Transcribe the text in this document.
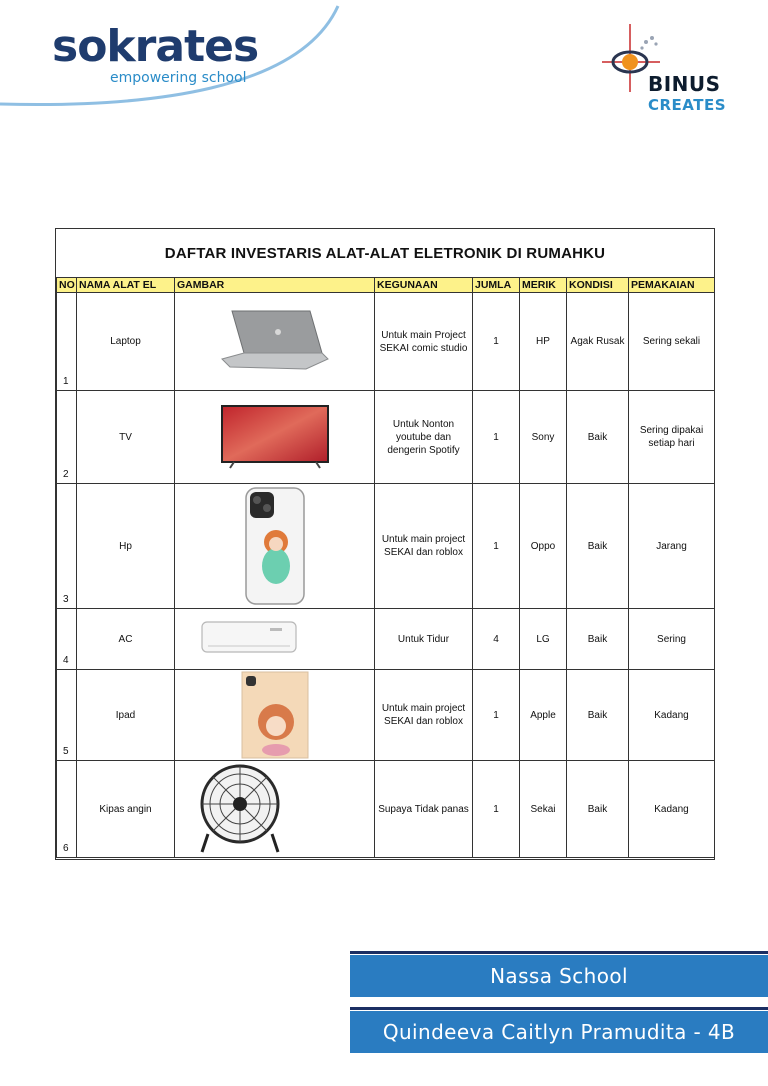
sokrates
empowering school	BINUS
CREATES
DAFTAR INVESTARIS ALAT-ALAT ELETRONIK DI RUMAHKU
NO	NAMA ALAT EL	GAMBAR	KEGUNAAN	JUMLA	MERIK	KONDISI	PEMAKAIAN
1	Laptop		Untuk main Project SEKAI comic studio	1	HP	Agak Rusak	Sering sekali
2	TV		Untuk Nonton youtube dan dengerin Spotify	1	Sony	Baik	Sering dipakai setiap hari
3	Hp		Untuk main project SEKAI dan roblox	1	Oppo	Baik	Jarang
4	AC		Untuk Tidur	4	LG	Baik	Sering
5	Ipad		Untuk main project SEKAI dan roblox	1	Apple	Baik	Kadang
6	Kipas angin		Supaya Tidak panas	1	Sekai	Baik	Kadang
Nassa School
Quindeeva Caitlyn Pramudita - 4B
